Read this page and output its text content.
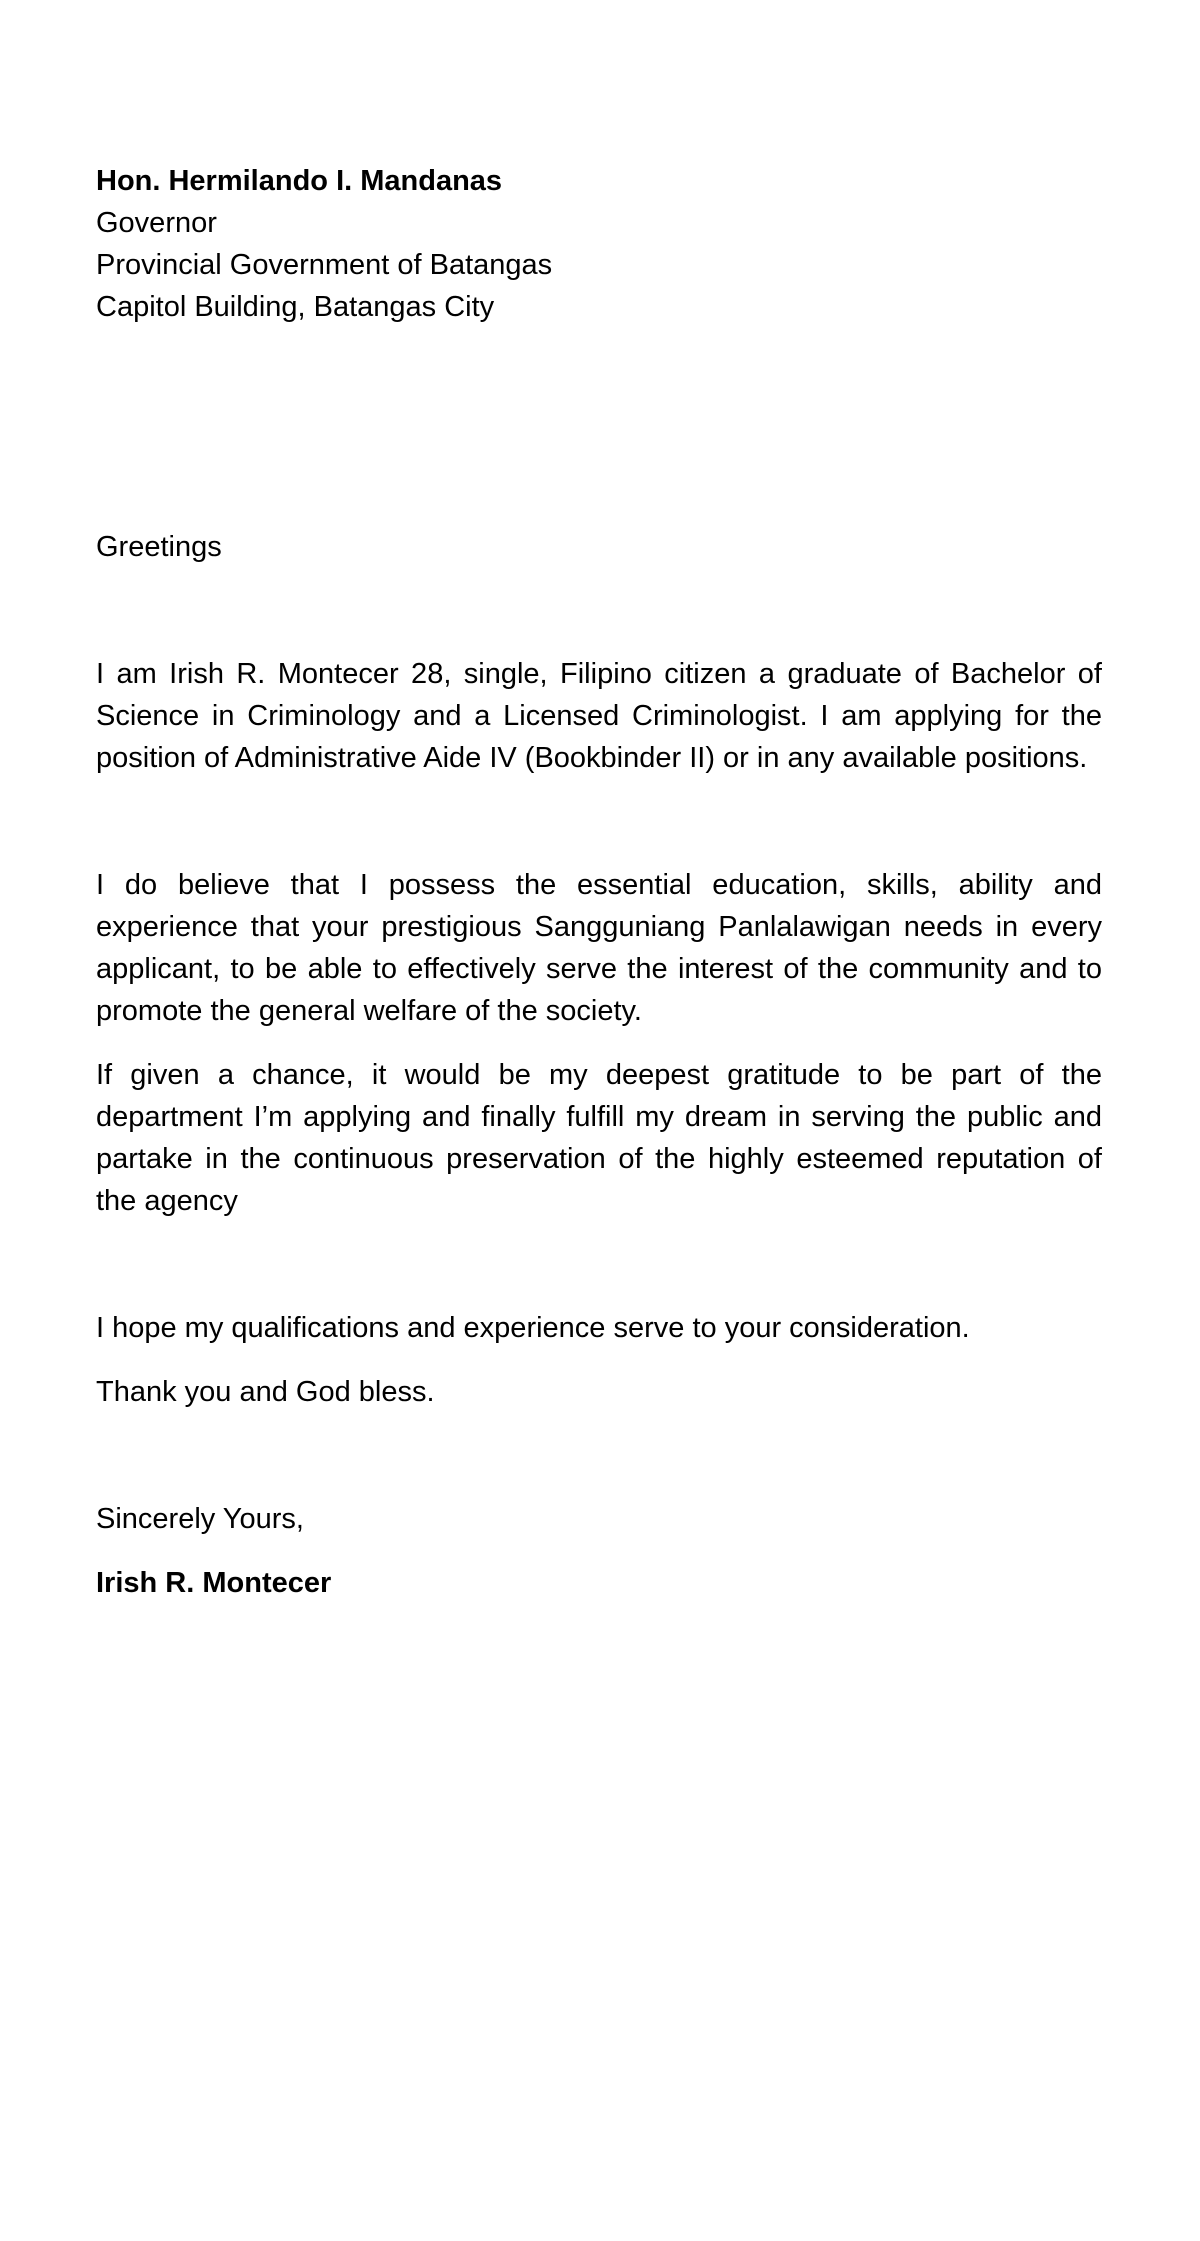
Hon. Hermilando I. Mandanas
Governor
Provincial Government of Batangas
Capitol Building, Batangas City

Greetings

I am Irish R. Montecer 28, single, Filipino citizen a graduate of Bachelor of Science in Criminology and a Licensed Criminologist. I am applying for the position of Administrative Aide IV (Bookbinder II) or in any available positions.

I do believe that I possess the essential education, skills, ability and experience that your prestigious Sangguniang Panlalawigan needs in every applicant, to be able to effectively serve the interest of the community and to promote the general welfare of the society.

If given a chance, it would be my deepest gratitude to be part of the department I’m applying and finally fulfill my dream in serving the public and partake in the continuous preservation of the highly esteemed reputation of the agency

I hope my qualifications and experience serve to your consideration.

Thank you and God bless.

Sincerely Yours,

Irish R. Montecer
